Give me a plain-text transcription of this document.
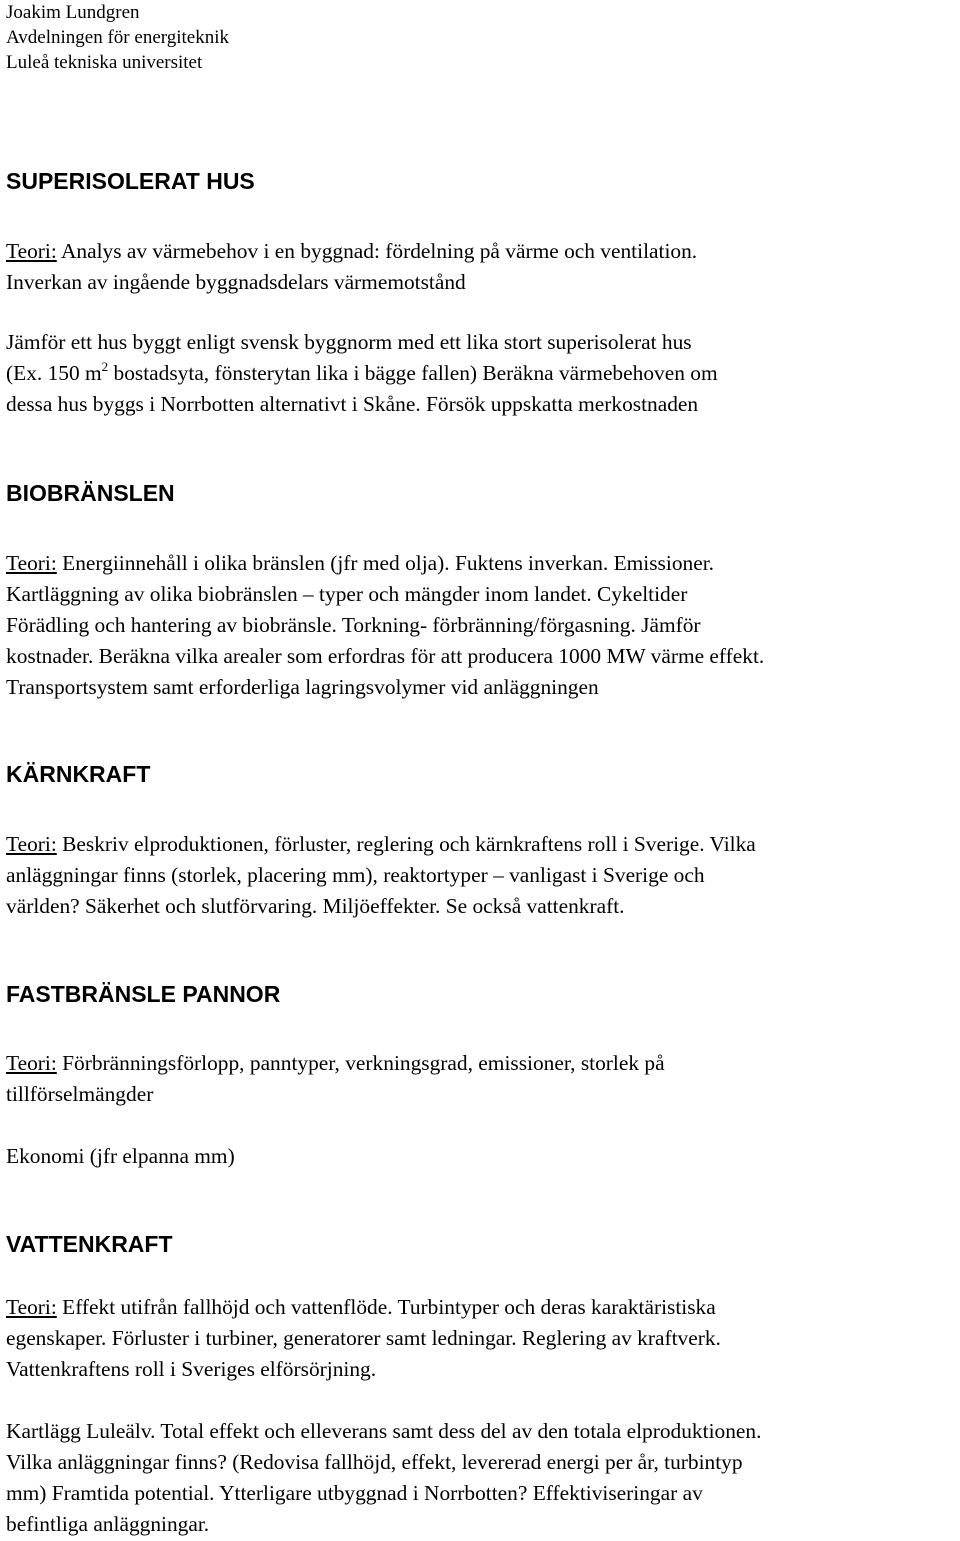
Joakim Lundgren
Avdelningen för energiteknik
Luleå tekniska universitet
SUPERISOLERAT HUS
Teori: Analys av värmebehov i en byggnad: fördelning på värme och ventilation.
Inverkan av ingående byggnadsdelars värmemotstånd
Jämför ett hus byggt enligt svensk byggnorm med ett lika stort superisolerat hus
(Ex. 150 $m^2$ bostadsyta, fönsterytan lika i bägge fallen) Beräkna värmebehoven om
dessa hus byggs i Norrbotten alternativt i Skåne. Försök uppskatta merkostnaden
BIOBRÄNSLEN
Teori: Energiinnehåll i olika bränslen (jfr med olja). Fuktens inverkan. Emissioner.
Kartläggning av olika biobränslen – typer och mängder inom landet. Cykeltider
Förädling och hantering av biobränsle. Torkning- förbränning/förgasning. Jämför
kostnader. Beräkna vilka arealer som erfordras för att producera 1000 MW värme effekt.
Transportsystem samt erforderliga lagringsvolymer vid anläggningen
KÄRNKRAFT
Teori: Beskriv elproduktionen, förluster, reglering och kärnkraftens roll i Sverige. Vilka
anläggningar finns (storlek, placering mm), reaktortyper – vanligast i Sverige och
världen? Säkerhet och slutförvaring. Miljöeffekter. Se också vattenkraft.
FASTBRÄNSLE PANNOR
Teori: Förbränningsförlopp, panntyper, verkningsgrad, emissioner, storlek på
tillförselmängder
Ekonomi (jfr elpanna mm)
VATTENKRAFT
Teori: Effekt utifrån fallhöjd och vattenflöde. Turbintyper och deras karaktäristiska
egenskaper. Förluster i turbiner, generatorer samt ledningar. Reglering av kraftverk.
Vattenkraftens roll i Sveriges elförsörjning.
Kartlägg Luleälv. Total effekt och elleverans samt dess del av den totala elproduktionen.
Vilka anläggningar finns? (Redovisa fallhöjd, effekt, levererad energi per år, turbintyp
mm) Framtida potential. Ytterligare utbyggnad i Norrbotten? Effektiviseringar av
befintliga anläggningar.
